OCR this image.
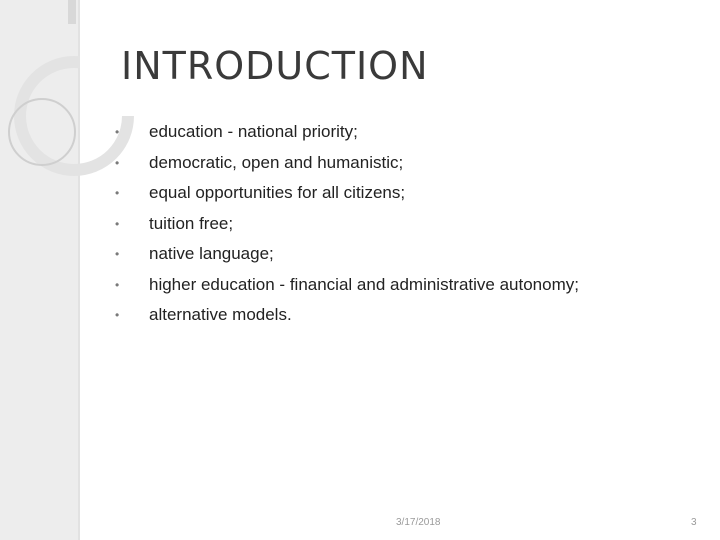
INTRODUCTION
•	education - national priority;
•	democratic, open and humanistic;
•	equal opportunities for all citizens;
•	tuition free;
•	native language;
•	higher education - financial and administrative autonomy;
•	alternative models.
3/17/2018	3
